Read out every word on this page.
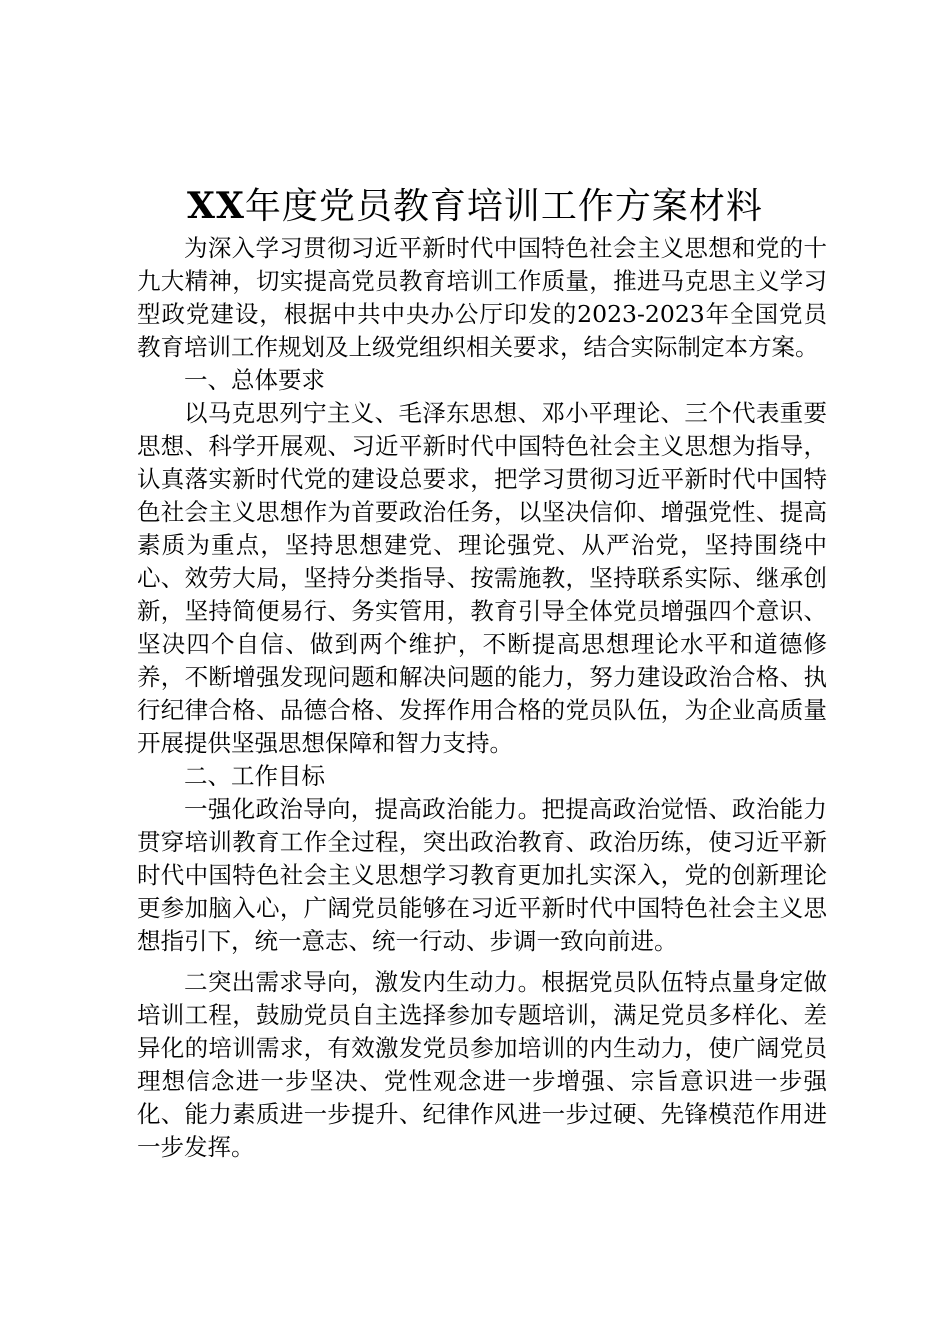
XX年度党员教育培训工作方案材料

为深入学习贯彻习近平新时代中国特色社会主义思想和党的十九大精神，切实提高党员教育培训工作质量，推进马克思主义学习型政党建设，根据中共中央办公厅印发的2023-2023年全国党员教育培训工作规划及上级党组织相关要求，结合实际制定本方案。

一、总体要求

以马克思列宁主义、毛泽东思想、邓小平理论、三个代表重要思想、科学开展观、习近平新时代中国特色社会主义思想为指导，认真落实新时代党的建设总要求，把学习贯彻习近平新时代中国特色社会主义思想作为首要政治任务，以坚决信仰、增强党性、提高素质为重点，坚持思想建党、理论强党、从严治党，坚持围绕中心、效劳大局，坚持分类指导、按需施教，坚持联系实际、继承创新，坚持简便易行、务实管用，教育引导全体党员增强四个意识、坚决四个自信、做到两个维护，不断提高思想理论水平和道德修养，不断增强发现问题和解决问题的能力，努力建设政治合格、执行纪律合格、品德合格、发挥作用合格的党员队伍，为企业高质量开展提供坚强思想保障和智力支持。

二、工作目标

一强化政治导向，提高政治能力。把提高政治觉悟、政治能力贯穿培训教育工作全过程，突出政治教育、政治历练，使习近平新时代中国特色社会主义思想学习教育更加扎实深入，党的创新理论更参加脑入心，广阔党员能够在习近平新时代中国特色社会主义思想指引下，统一意志、统一行动、步调一致向前进。

二突出需求导向，激发内生动力。根据党员队伍特点量身定做培训工程，鼓励党员自主选择参加专题培训，满足党员多样化、差异化的培训需求，有效激发党员参加培训的内生动力，使广阔党员理想信念进一步坚决、党性观念进一步增强、宗旨意识进一步强化、能力素质进一步提升、纪律作风进一步过硬、先锋模范作用进一步发挥。
